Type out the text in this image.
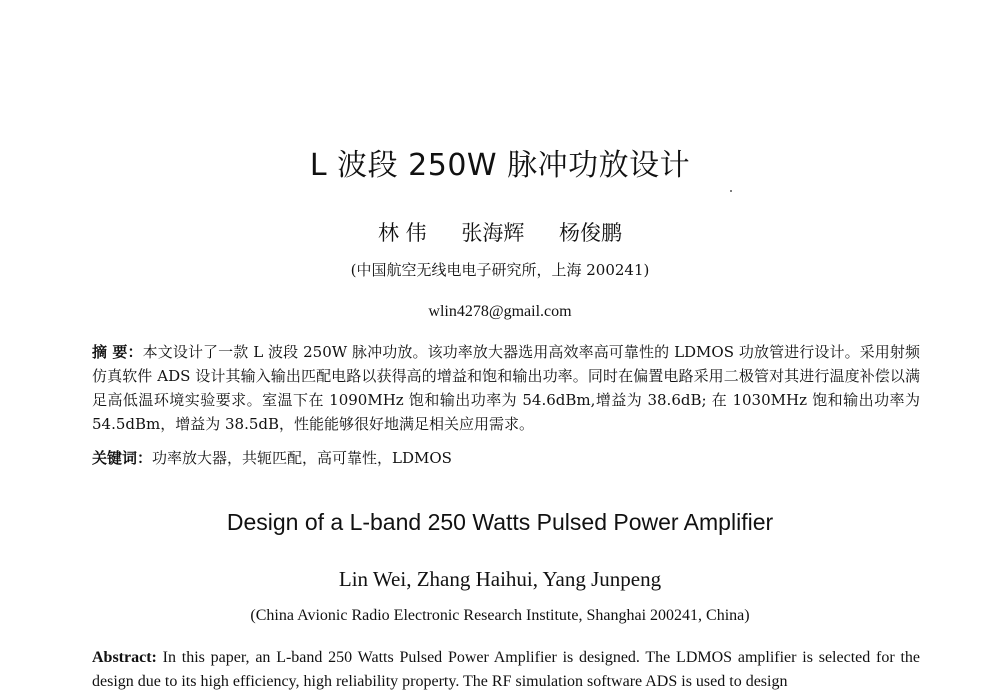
L 波段 250W 脉冲功放设计
林 伟 张海辉 杨俊鹏
(中国航空无线电电子研究所，上海 200241)
wlin4278@gmail.com
摘 要：本文设计了一款 L 波段 250W 脉冲功放。该功率放大器选用高效率高可靠性的 LDMOS 功放管进行设计。采用射频仿真软件 ADS 设计其输入输出匹配电路以获得高的增益和饱和输出功率。同时在偏置电路采用二极管对其进行温度补偿以满足高低温环境实验要求。室温下在 1090MHz 饱和输出功率为 54.6dBm,增益为 38.6dB; 在 1030MHz 饱和输出功率为 54.5dBm，增益为 38.5dB，性能能够很好地满足相关应用需求。
关键词：功率放大器，共轭匹配，高可靠性，LDMOS
Design of a L-band 250 Watts Pulsed Power Amplifier
Lin Wei, Zhang Haihui, Yang Junpeng
(China Avionic Radio Electronic Research Institute, Shanghai 200241, China)
Abstract: In this paper, an L-band 250 Watts Pulsed Power Amplifier is designed. The LDMOS amplifier is selected for the design due to its high efficiency, high reliability property. The RF simulation software ADS is used to design
